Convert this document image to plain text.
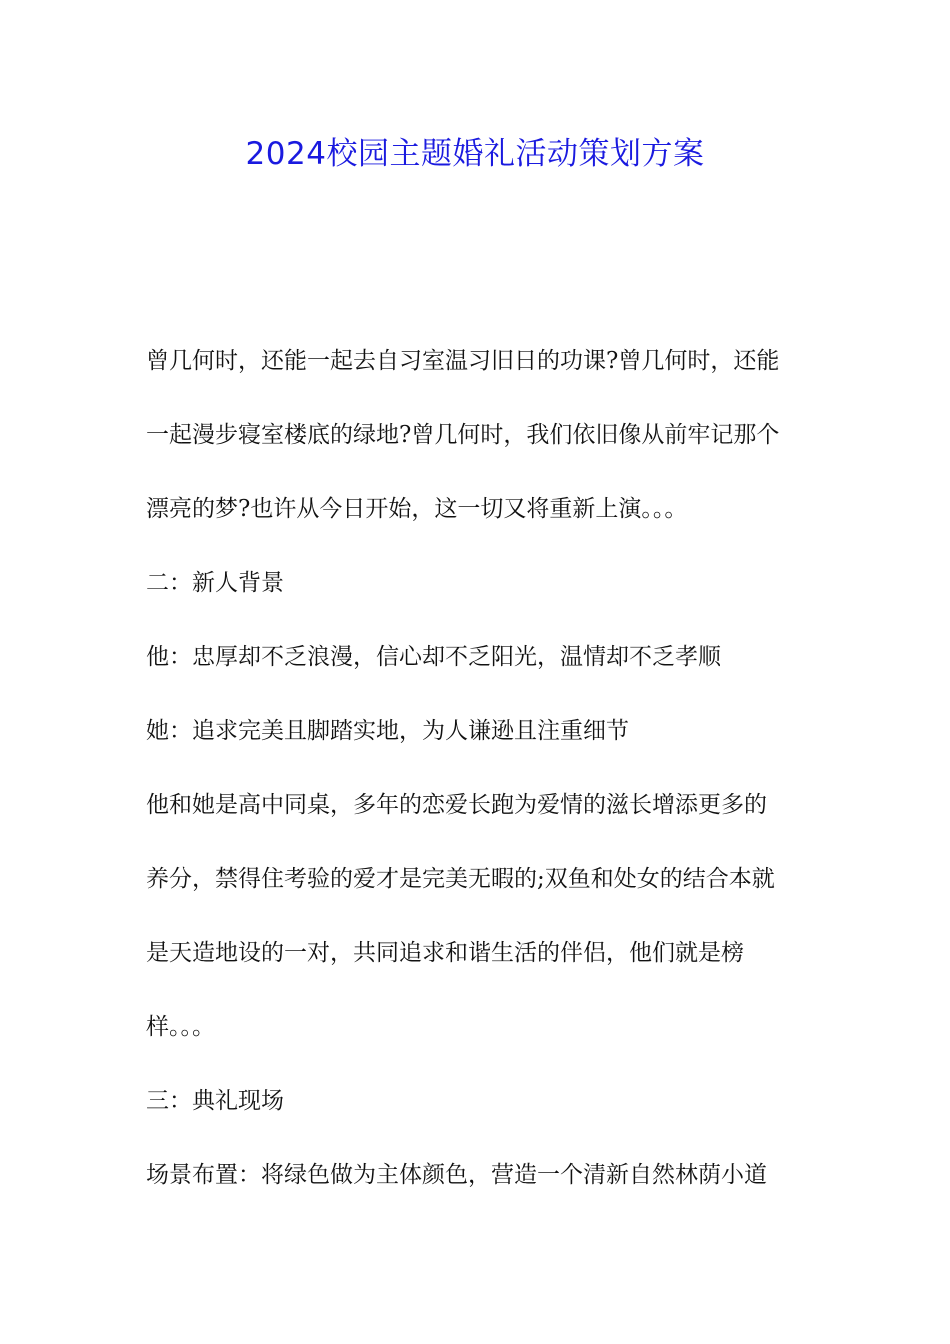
2024校园主题婚礼活动策划方案

曾几何时，还能一起去自习室温习旧日的功课?曾几何时，还能

一起漫步寝室楼底的绿地?曾几何时，我们依旧像从前牢记那个

漂亮的梦?也许从今日开始，这一切又将重新上演。。。

二：新人背景

他：忠厚却不乏浪漫，信心却不乏阳光，温情却不乏孝顺

她：追求完美且脚踏实地，为人谦逊且注重细节

他和她是高中同桌，多年的恋爱长跑为爱情的滋长增添更多的

养分，禁得住考验的爱才是完美无暇的;双鱼和处女的结合本就

是天造地设的一对，共同追求和谐生活的伴侣，他们就是榜

样。。。

三：典礼现场

场景布置：将绿色做为主体颜色，营造一个清新自然林荫小道
